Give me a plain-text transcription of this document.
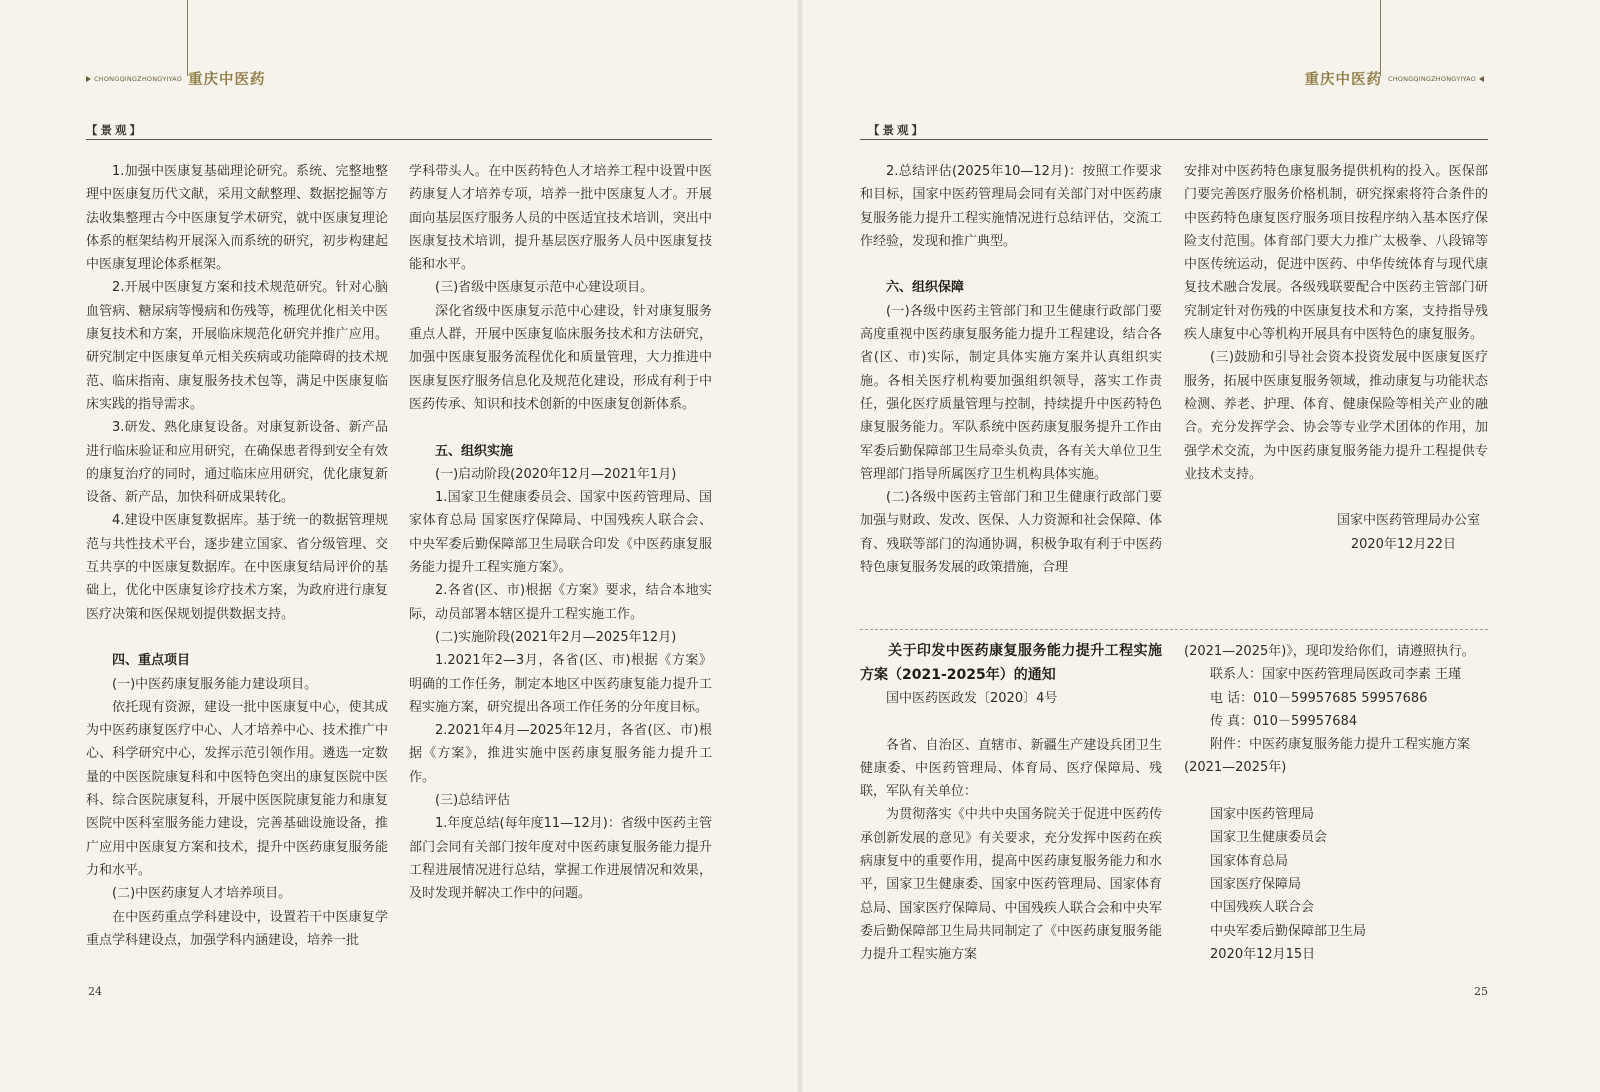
CHONGQINGZHONGYIYAO 重庆中医药
【景观】
重庆中医药 CHONGQINGZHONGYIYAO
【景观】

1.加强中医康复基础理论研究。系统、完整地整理中医康复历代文献，采用文献整理、数据挖掘等方法收集整理古今中医康复学术研究，就中医康复理论体系的框架结构开展深入而系统的研究，初步构建起中医康复理论体系框架。

2.开展中医康复方案和技术规范研究。针对心脑血管病、糖尿病等慢病和伤残等，梳理优化相关中医康复技术和方案，开展临床规范化研究并推广应用。研究制定中医康复单元相关疾病或功能障碍的技术规范、临床指南、康复服务技术包等，满足中医康复临床实践的指导需求。

3.研发、熟化康复设备。对康复新设备、新产品进行临床验证和应用研究，在确保患者得到安全有效的康复治疗的同时，通过临床应用研究，优化康复新设备、新产品，加快科研成果转化。

4.建设中医康复数据库。基于统一的数据管理规范与共性技术平台，逐步建立国家、省分级管理、交互共享的中医康复数据库。在中医康复结局评价的基础上，优化中医康复诊疗技术方案，为政府进行康复医疗决策和医保规划提供数据支持。

四、重点项目

(一)中医药康复服务能力建设项目。

依托现有资源，建设一批中医康复中心，使其成为中医药康复医疗中心、人才培养中心、技术推广中心、科学研究中心，发挥示范引领作用。遴选一定数量的中医医院康复科和中医特色突出的康复医院中医科、综合医院康复科，开展中医医院康复能力和康复医院中医科室服务能力建设，完善基础设施设备，推广应用中医康复方案和技术，提升中医药康复服务能力和水平。

(二)中医药康复人才培养项目。

在中医药重点学科建设中，设置若干中医康复学重点学科建设点，加强学科内涵建设，培养一批

学科带头人。在中医药特色人才培养工程中设置中医药康复人才培养专项，培养一批中医康复人才。开展面向基层医疗服务人员的中医适宜技术培训，突出中医康复技术培训，提升基层医疗服务人员中医康复技能和水平。

(三)省级中医康复示范中心建设项目。

深化省级中医康复示范中心建设，针对康复服务重点人群，开展中医康复临床服务技术和方法研究，加强中医康复服务流程优化和质量管理，大力推进中医康复医疗服务信息化及规范化建设，形成有利于中医药传承、知识和技术创新的中医康复创新体系。

五、组织实施

(一)启动阶段(2020年12月—2021年1月)

1.国家卫生健康委员会、国家中医药管理局、国家体育总局 国家医疗保障局、中国残疾人联合会、中央军委后勤保障部卫生局联合印发《中医药康复服务能力提升工程实施方案》。

2.各省(区、市)根据《方案》要求，结合本地实际，动员部署本辖区提升工程实施工作。

(二)实施阶段(2021年2月—2025年12月)

1.2021年2—3月，各省(区、市)根据《方案》明确的工作任务，制定本地区中医药康复能力提升工程实施方案，研究提出各项工作任务的分年度目标。

2.2021年4月—2025年12月，各省(区、市)根据《方案》，推进实施中医药康复服务能力提升工作。

(三)总结评估

1.年度总结(每年度11—12月)：省级中医药主管部门会同有关部门按年度对中医药康复服务能力提升工程进展情况进行总结，掌握工作进展情况和效果，及时发现并解决工作中的问题。

2.总结评估(2025年10—12月)：按照工作要求和目标，国家中医药管理局会同有关部门对中医药康复服务能力提升工程实施情况进行总结评估，交流工作经验，发现和推广典型。

六、组织保障

(一)各级中医药主管部门和卫生健康行政部门要高度重视中医药康复服务能力提升工程建设，结合各省(区、市)实际，制定具体实施方案并认真组织实施。各相关医疗机构要加强组织领导，落实工作责任，强化医疗质量管理与控制，持续提升中医药特色康复服务能力。军队系统中医药康复服务提升工作由军委后勤保障部卫生局牵头负责，各有关大单位卫生管理部门指导所属医疗卫生机构具体实施。

(二)各级中医药主管部门和卫生健康行政部门要加强与财政、发改、医保、人力资源和社会保障、体育、残联等部门的沟通协调，积极争取有利于中医药特色康复服务发展的政策措施，合理

安排对中医药特色康复服务提供机构的投入。医保部门要完善医疗服务价格机制，研究探索将符合条件的中医药特色康复医疗服务项目按程序纳入基本医疗保险支付范围。体育部门要大力推广太极拳、八段锦等中医传统运动，促进中医药、中华传统体育与现代康复技术融合发展。各级残联要配合中医药主管部门研究制定针对伤残的中医康复技术和方案，支持指导残疾人康复中心等机构开展具有中医特色的康复服务。

(三)鼓励和引导社会资本投资发展中医康复医疗服务，拓展中医康复服务领域，推动康复与功能状态检测、养老、护理、体育、健康保险等相关产业的融合。充分发挥学会、协会等专业学术团体的作用，加强学术交流，为中医药康复服务能力提升工程提供专业技术支持。

国家中医药管理局办公室

2020年12月22日

关于印发中医药康复服务能力提升工程实施方案（2021-2025年）的通知

国中医药医政发〔2020〕4号

各省、自治区、直辖市、新疆生产建设兵团卫生健康委、中医药管理局、体育局、医疗保障局、残联，军队有关单位：

为贯彻落实《中共中央国务院关于促进中医药传承创新发展的意见》有关要求，充分发挥中医药在疾病康复中的重要作用，提高中医药康复服务能力和水平，国家卫生健康委、国家中医药管理局、国家体育总局、国家医疗保障局、中国残疾人联合会和中央军委后勤保障部卫生局共同制定了《中医药康复服务能力提升工程实施方案

(2021—2025年)》，现印发给你们，请遵照执行。

联系人：国家中医药管理局医政司李素 王瑾

电 话：010－59957685 59957686

传 真：010－59957684

附件：中医药康复服务能力提升工程实施方案

(2021—2025年)

国家中医药管理局

国家卫生健康委员会

国家体育总局

国家医疗保障局

中国残疾人联合会

中央军委后勤保障部卫生局

2020年12月15日

24	25
